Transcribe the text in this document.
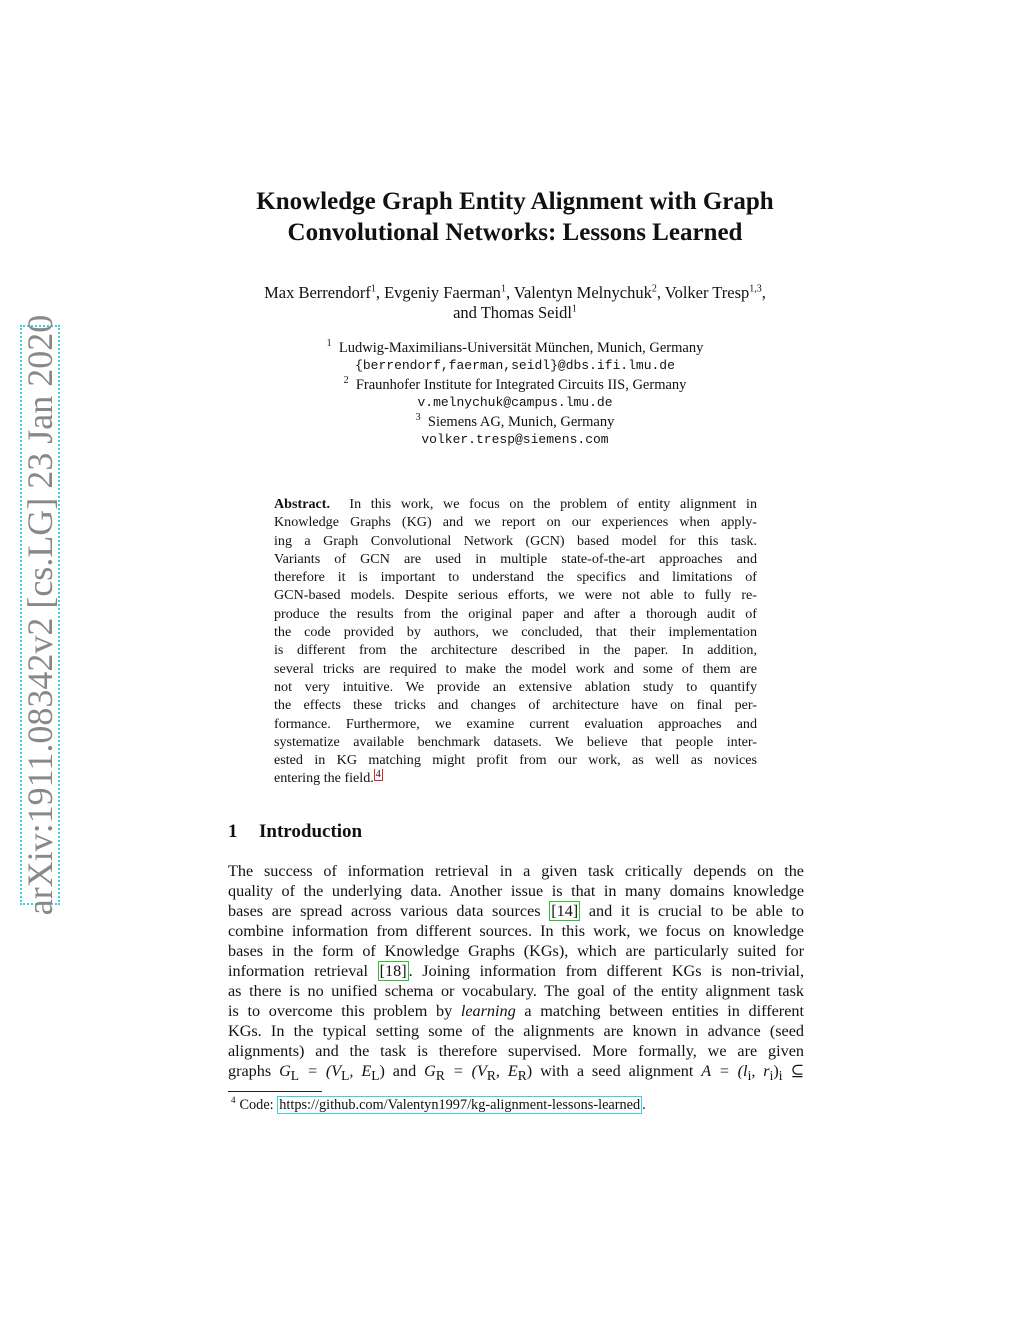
arXiv:1911.08342v2 [cs.LG] 23 Jan 2020
Knowledge Graph Entity Alignment with Graph
Convolutional Networks: Lessons Learned
Max Berrendorf$^1$, Evgeniy Faerman$^1$, Valentyn Melnychuk$^2$, Volker Tresp$^{1,3}$,
and Thomas Seidl$^1$
$^1$ Ludwig-Maximilians-Universität München, Munich, Germany
{berrendorf,faerman,seidl}@dbs.ifi.lmu.de
$^2$ Fraunhofer Institute for Integrated Circuits IIS, Germany
v.melnychuk@campus.lmu.de
$^3$ Siemens AG, Munich, Germany
volker.tresp@siemens.com
Abstract. In this work, we focus on the problem of entity alignment in
Knowledge Graphs (KG) and we report on our experiences when apply-
ing a Graph Convolutional Network (GCN) based model for this task.
Variants of GCN are used in multiple state-of-the-art approaches and
therefore it is important to understand the specifics and limitations of
GCN-based models. Despite serious efforts, we were not able to fully re-
produce the results from the original paper and after a thorough audit of
the code provided by authors, we concluded, that their implementation
is different from the architecture described in the paper. In addition,
several tricks are required to make the model work and some of them are
not very intuitive. We provide an extensive ablation study to quantify
the effects these tricks and changes of architecture have on final per-
formance. Furthermore, we examine current evaluation approaches and
systematize available benchmark datasets. We believe that people inter-
ested in KG matching might profit from our work, as well as novices
entering the field. $^4$
1 Introduction
The success of information retrieval in a given task critically depends on the
quality of the underlying data. Another issue is that in many domains knowledge
bases are spread across various data sources [14] and it is crucial to be able to
combine information from different sources. In this work, we focus on knowledge
bases in the form of Knowledge Graphs (KGs), which are particularly suited for
information retrieval [18] . Joining information from different KGs is non-trivial,
as there is no unified schema or vocabulary. The goal of the entity alignment task
is to overcome this problem by learning a matching between entities in different
KGs. In the typical setting some of the alignments are known in advance (seed
alignments) and the task is therefore supervised. More formally, we are given
graphs $G_L = (V_L$, $E_L$) and $G_R = (V_R$, $E_R$) with a seed alignment $A = (l_i$, $r_i)_i$ ⊆
$^4$ Code: https://github.com/Valentyn1997/kg-alignment-lessons-learned .
